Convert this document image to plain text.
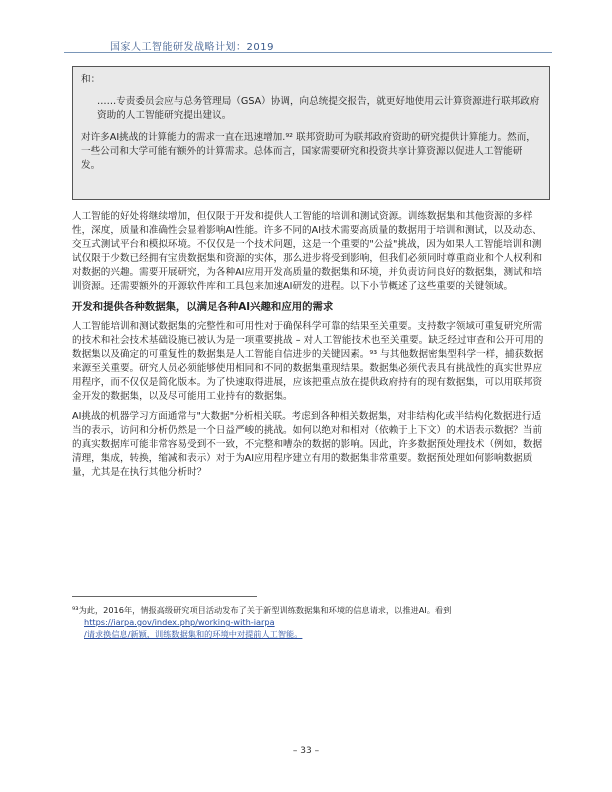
国家人工智能研发战略计划：2019

和：

……专责委员会应与总务管理局（GSA）协调，向总统提交报告，就更好地使用云计算资源进行联邦政府资助的人工智能研究提出建议。

对许多AI挑战的计算能力的需求一直在迅速增加.⁹² 联邦资助可为联邦政府资助的研究提供计算能力。然而，一些公司和大学可能有额外的计算需求。总体而言，国家需要研究和投资共享计算资源以促进人工智能研发。

人工智能的好处将继续增加，但仅限于开发和提供人工智能的培训和测试资源。训练数据集和其他资源的多样性，深度，质量和准确性会显着影响AI性能。许多不同的AI技术需要高质量的数据用于培训和测试，以及动态、交互式测试平台和模拟环境。不仅仅是一个技术问题，这是一个重要的"公益"挑战，因为如果人工智能培训和测试仅限于少数已经拥有宝贵数据集和资源的实体，那么进步将受到影响，但我们必须同时尊重商业和个人权利和对数据的兴趣。需要开展研究，为各种AI应用开发高质量的数据集和环境，并负责访问良好的数据集，测试和培训资源。还需要额外的开源软件库和工具包来加速AI研发的进程。以下小节概述了这些重要的关键领域。

开发和提供各种数据集，以满足各种AI兴趣和应用的需求

人工智能培训和测试数据集的完整性和可用性对于确保科学可靠的结果至关重要。支持数字领域可重复研究所需的技术和社会技术基础设施已被认为是一项重要挑战 – 对人工智能技术也至关重要。缺乏经过审查和公开可用的数据集以及确定的可重复性的数据集是人工智能自信进步的关键因素。⁹³ 与其他数据密集型科学一样，捕获数据来源至关重要。研究人员必须能够使用相同和不同的数据集重现结果。数据集必须代表具有挑战性的真实世界应用程序，而不仅仅是简化版本。为了快速取得进展，应该把重点放在提供政府持有的现有数据集，可以用联邦资金开发的数据集，以及尽可能用工业持有的数据集。

AI挑战的机器学习方面通常与"大数据"分析相关联。考虑到各种相关数据集，对非结构化或半结构化数据进行适当的表示，访问和分析仍然是一个日益严峻的挑战。如何以绝对和相对（依赖于上下文）的术语表示数据？当前的真实数据库可能非常容易受到不一致，不完整和嘈杂的数据的影响。因此，许多数据预处理技术（例如，数据清理，集成，转换，缩减和表示）对于为AI应用程序建立有用的数据集非常重要。数据预处理如何影响数据质量，尤其是在执行其他分析时？

⁹³为此，2016年，情报高级研究项目活动发布了关于新型训练数据集和环境的信息请求，以推进AI。看到

https://iarpa.gov/index.php/working-with-iarpa

/请求换信息/新颖，训练数据集和的环境中对提前人工智能。

– 33 –
